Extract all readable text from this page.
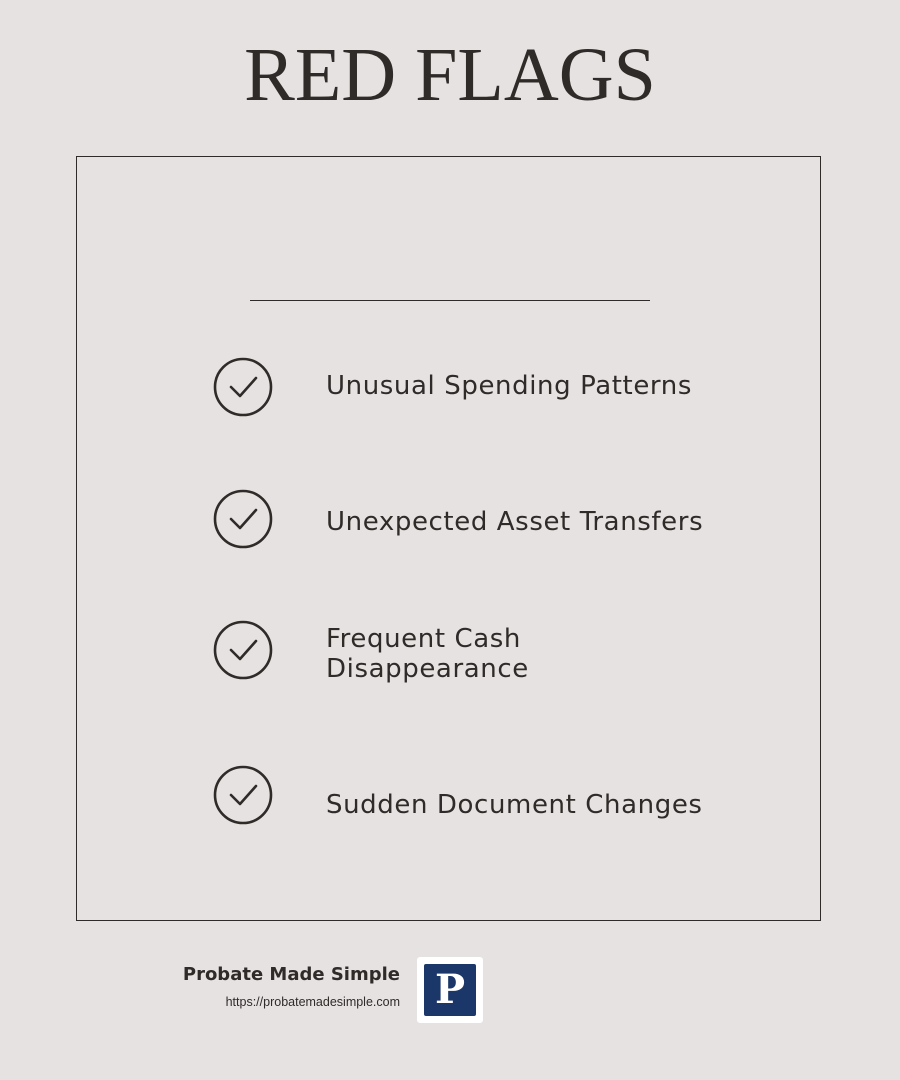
RED FLAGS
Unusual Spending Patterns
Unexpected Asset Transfers
Frequent Cash
Disappearance
Sudden Document Changes
Probate Made Simple
https://probatemadesimple.com P
